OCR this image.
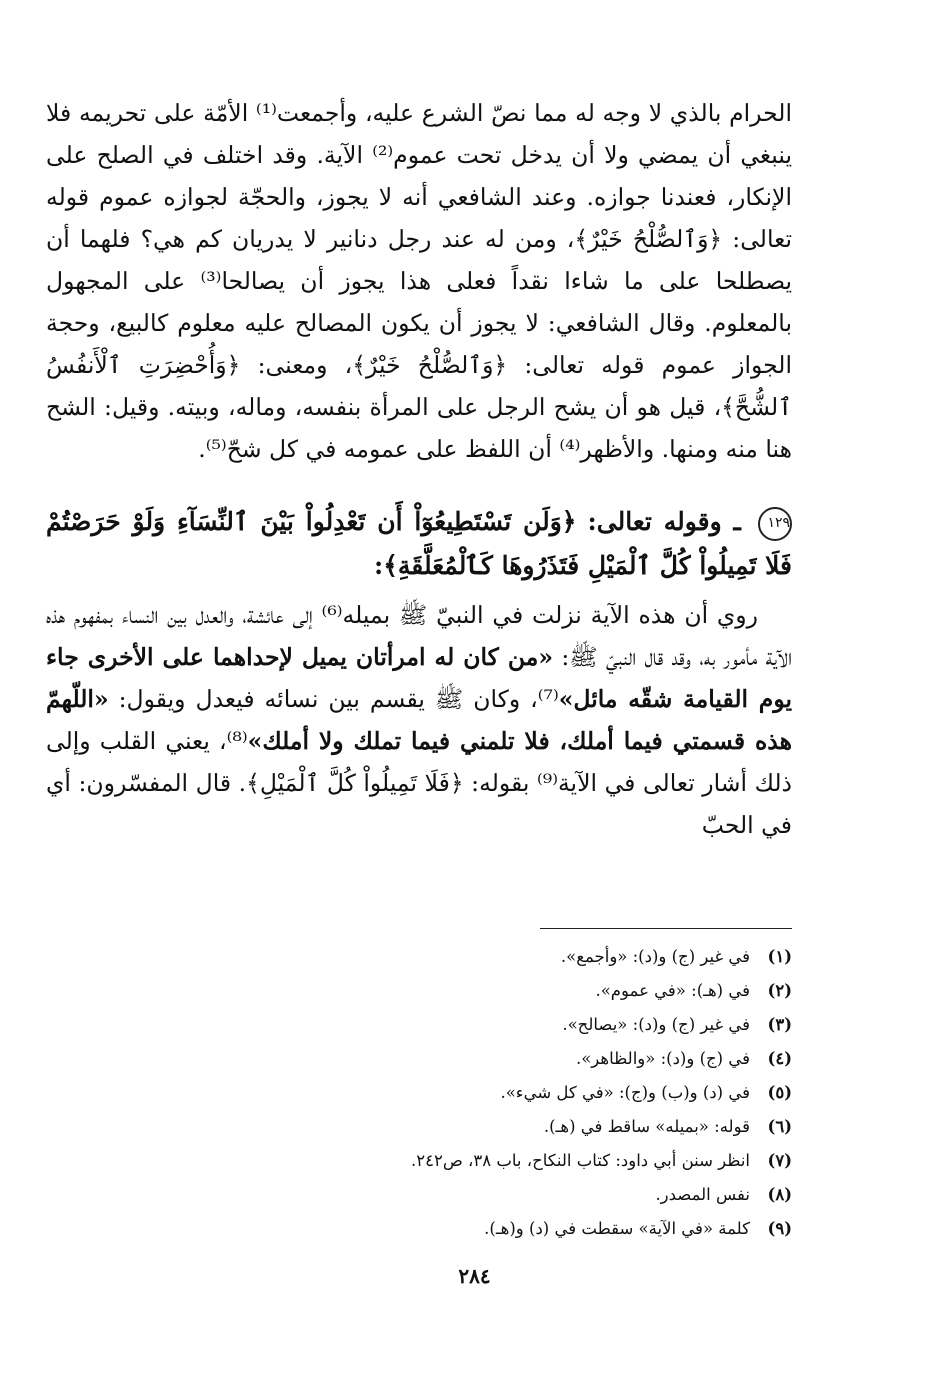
الحرام بالذي لا وجه له مما نصّ الشرع عليه، وأجمعت⁽¹⁾ الأمّة على تحريمه فلا ينبغي أن يمضي ولا أن يدخل تحت عموم⁽²⁾ الآية. وقد اختلف في الصلح على الإنكار، فعندنا جوازه. وعند الشافعي أنه لا يجوز، والحجّة لجوازه عموم قوله تعالى: ﴿وَٱلصُّلْحُ خَيْرٌ﴾، ومن له عند رجل دنانير لا يدريان كم هي؟ فلهما أن يصطلحا على ما شاءا نقداً فعلى هذا يجوز أن يصالحا⁽³⁾ على المجهول بالمعلوم. وقال الشافعي: لا يجوز أن يكون المصالح عليه معلوم كالبيع، وحجة الجواز عموم قوله تعالى: ﴿وَٱلصُّلْحُ خَيْرٌ﴾، ومعنى: ﴿وَأُحْضِرَتِ ٱلْأَنفُسُ ٱلشُّحَّ﴾، قيل هو أن يشح الرجل على المرأة بنفسه، وماله، وبيته. وقيل: الشح هنا منه ومنها. والأظهر⁽⁴⁾ أن اللفظ على عمومه في كل شحّ⁽⁵⁾.

١٢٩ ـ وقوله تعالى: ﴿وَلَن تَسْتَطِيعُوٓاْ أَن تَعْدِلُواْ بَيْنَ ٱلنِّسَآءِ وَلَوْ حَرَصْتُمْ فَلَا تَمِيلُواْ كُلَّ ٱلْمَيْلِ فَتَذَرُوهَا كَٱلْمُعَلَّقَةِ﴾:

روي أن هذه الآية نزلت في النبيّ ﷺ بميله⁽⁶⁾ إلى عائشة، والعدل بين النساء بمفهوم هذه الآية مأمور به، وقد قال النبيّ ﷺ: «من كان له امرأتان يميل لإحداهما على الأخرى جاء يوم القيامة شقّه مائل»⁽⁷⁾، وكان ﷺ يقسم بين نسائه فيعدل ويقول: «اللّهمّ هذه قسمتي فيما أملك، فلا تلمني فيما تملك ولا أملك»⁽⁸⁾، يعني القلب وإلى ذلك أشار تعالى في الآية⁽⁹⁾ بقوله: ﴿فَلَا تَمِيلُواْ كُلَّ ٱلْمَيْلِ﴾. قال المفسّرون: أي في الحبّ

(١)
في غير (ج) و(د): «وأجمع».
(٢)
في (هـ): «في عموم».
(٣)
في غير (ج) و(د): «يصالح».
(٤)
في (ج) و(د): «والظاهر».
(٥)
في (د) و(ب) و(ج): «في كل شيء».
(٦)
قوله: «بميله» ساقط في (هـ).
(٧)
انظر سنن أبي داود: كتاب النكاح، باب ٣٨، ص٢٤٢.
(٨)
نفس المصدر.
(٩)
كلمة «في الآية» سقطت في (د) و(هـ).
٢٨٤
